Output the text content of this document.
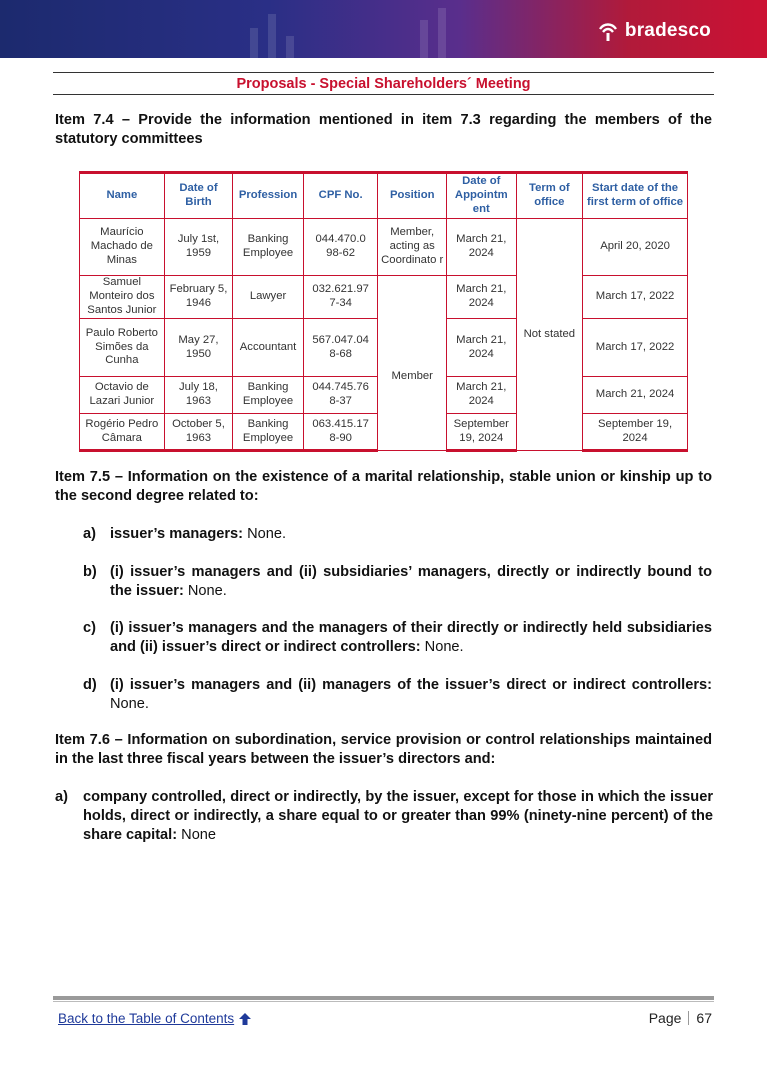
bradesco
Proposals - Special Shareholders´ Meeting
Item 7.4 – Provide the information mentioned in item 7.3 regarding the members of the statutory committees
Name	Date of Birth	Profession	CPF No.	Position	Date of Appointm ent	Term of office	Start date of the first term of office
Maurício Machado de Minas	July 1st, 1959	Banking Employee	044.470.0 98-62	Member, acting as Coordinato r	March 21, 2024	Not stated	April 20, 2020
Samuel Monteiro dos Santos Junior	February 5, 1946	Lawyer	032.621.97 7-34	Member	March 21, 2024		March 17, 2022
Paulo Roberto Simões da Cunha	May 27, 1950	Accountant	567.047.04 8-68		March 21, 2024		March 17, 2022
Octavio de Lazari Junior	July 18, 1963	Banking Employee	044.745.76 8-37		March 21, 2024		March 21, 2024
Rogério Pedro Câmara	October 5, 1963	Banking Employee	063.415.17 8-90		September 19, 2024		September 19, 2024
Item 7.5 – Information on the existence of a marital relationship, stable union or kinship up to the second degree related to:
a) issuer’s managers: None.
b) (i) issuer’s managers and (ii) subsidiaries’ managers, directly or indirectly bound to the issuer: None.
c) (i) issuer’s managers and the managers of their directly or indirectly held subsidiaries and (ii) issuer’s direct or indirect controllers: None.
d) (i) issuer’s managers and (ii) managers of the issuer’s direct or indirect controllers: None.
Item 7.6 – Information on subordination, service provision or control relationships maintained in the last three fiscal years between the issuer’s directors and:
a) company controlled, direct or indirectly, by the issuer, except for those in which the issuer holds, direct or indirectly, a share equal to or greater than 99% (ninety-nine percent) of the share capital: None
Back to the Table of Contents	Page 67
